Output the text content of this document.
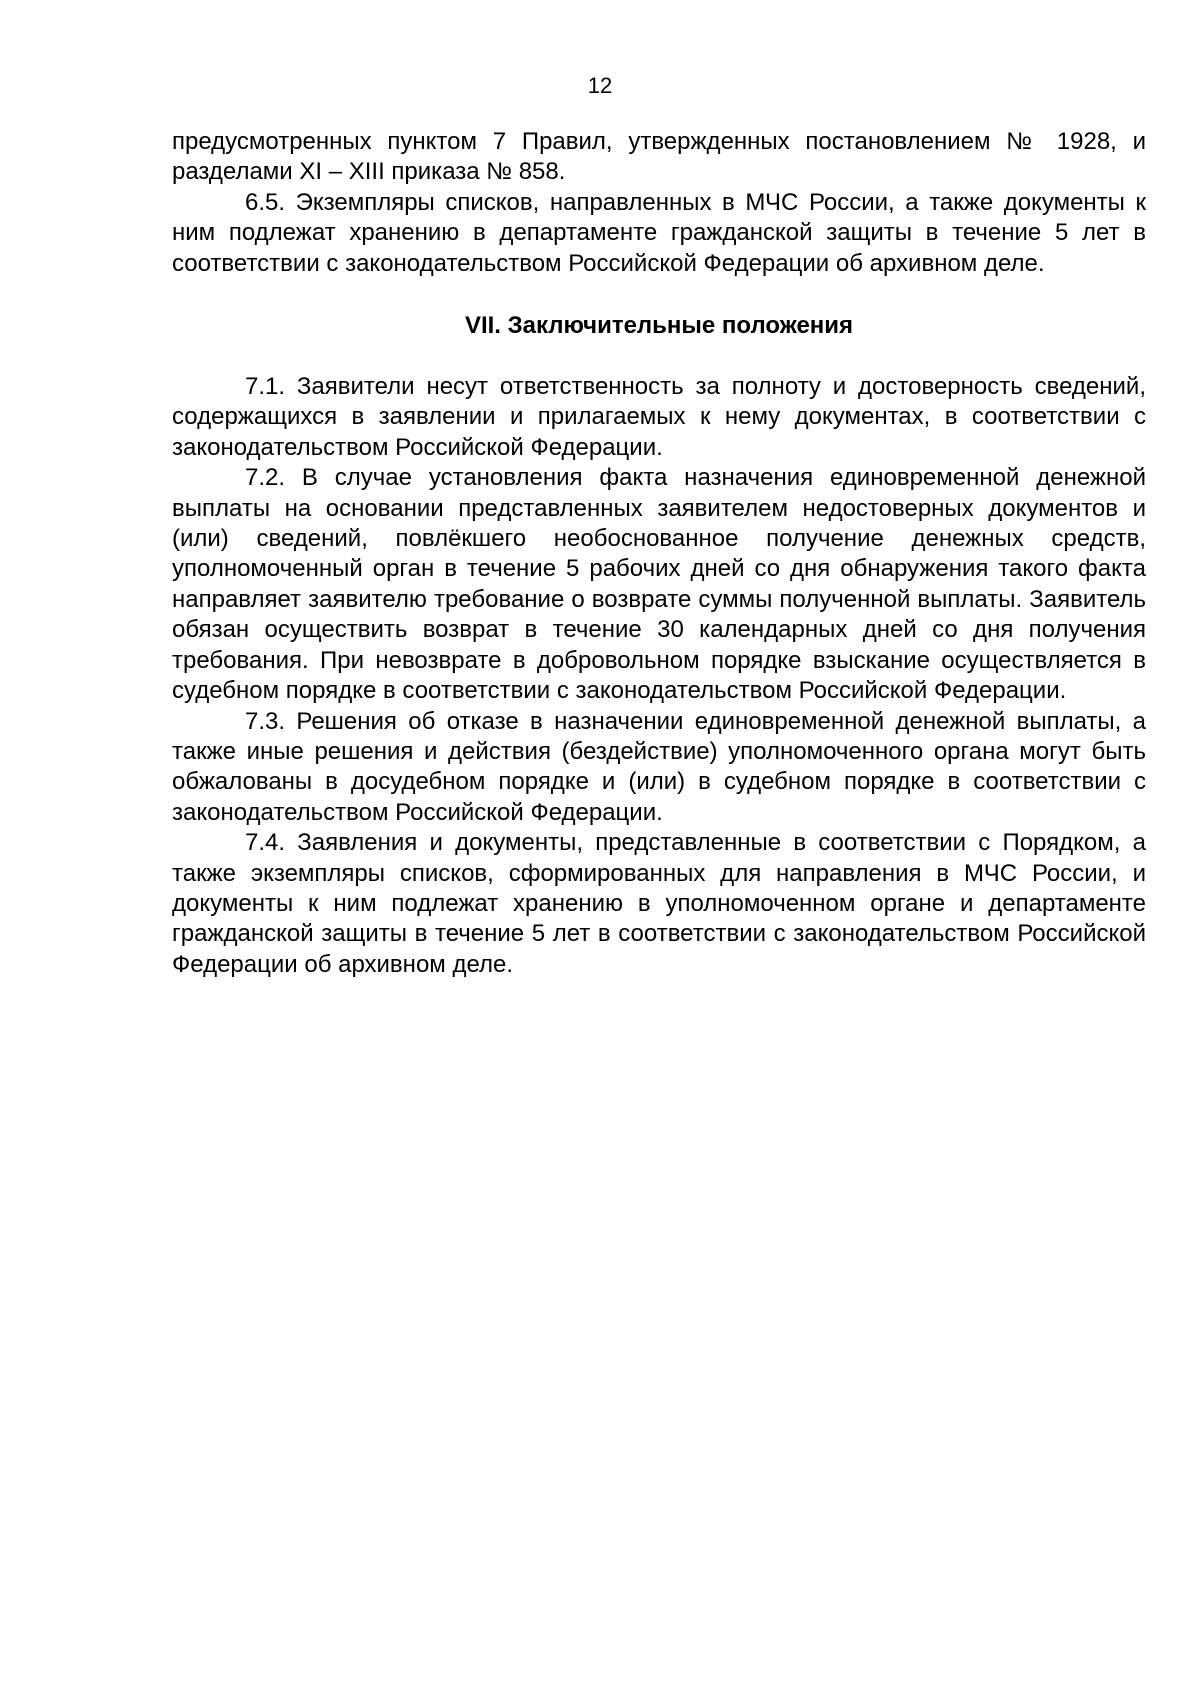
12

предусмотренных пунктом 7 Правил, утвержденных постановлением № 1928, и разделами XI – XIII приказа № 858.

6.5. Экземпляры списков, направленных в МЧС России, а также документы к ним подлежат хранению в департаменте гражданской защиты в течение 5 лет в соответствии с законодательством Российской Федерации об архивном деле.

VII. Заключительные положения

7.1. Заявители несут ответственность за полноту и достоверность сведений, содержащихся в заявлении и прилагаемых к нему документах, в соответствии с законодательством Российской Федерации.

7.2. В случае установления факта назначения единовременной денежной выплаты на основании представленных заявителем недостоверных документов и (или) сведений, повлёкшего необоснованное получение денежных средств, уполномоченный орган в течение 5 рабочих дней со дня обнаружения такого факта направляет заявителю требование о возврате суммы полученной выплаты. Заявитель обязан осуществить возврат в течение 30 календарных дней со дня получения требования. При невозврате в добровольном порядке взыскание осуществляется в судебном порядке в соответствии с законодательством Российской Федерации.

7.3. Решения об отказе в назначении единовременной денежной выплаты, а также иные решения и действия (бездействие) уполномоченного органа могут быть обжалованы в досудебном порядке и (или) в судебном порядке в соответствии с законодательством Российской Федерации.

7.4. Заявления и документы, представленные в соответствии с Порядком, а также экземпляры списков, сформированных для направления в МЧС России, и документы к ним подлежат хранению в уполномоченном органе и департаменте гражданской защиты в течение 5 лет в соответствии с законодательством Российской Федерации об архивном деле.
